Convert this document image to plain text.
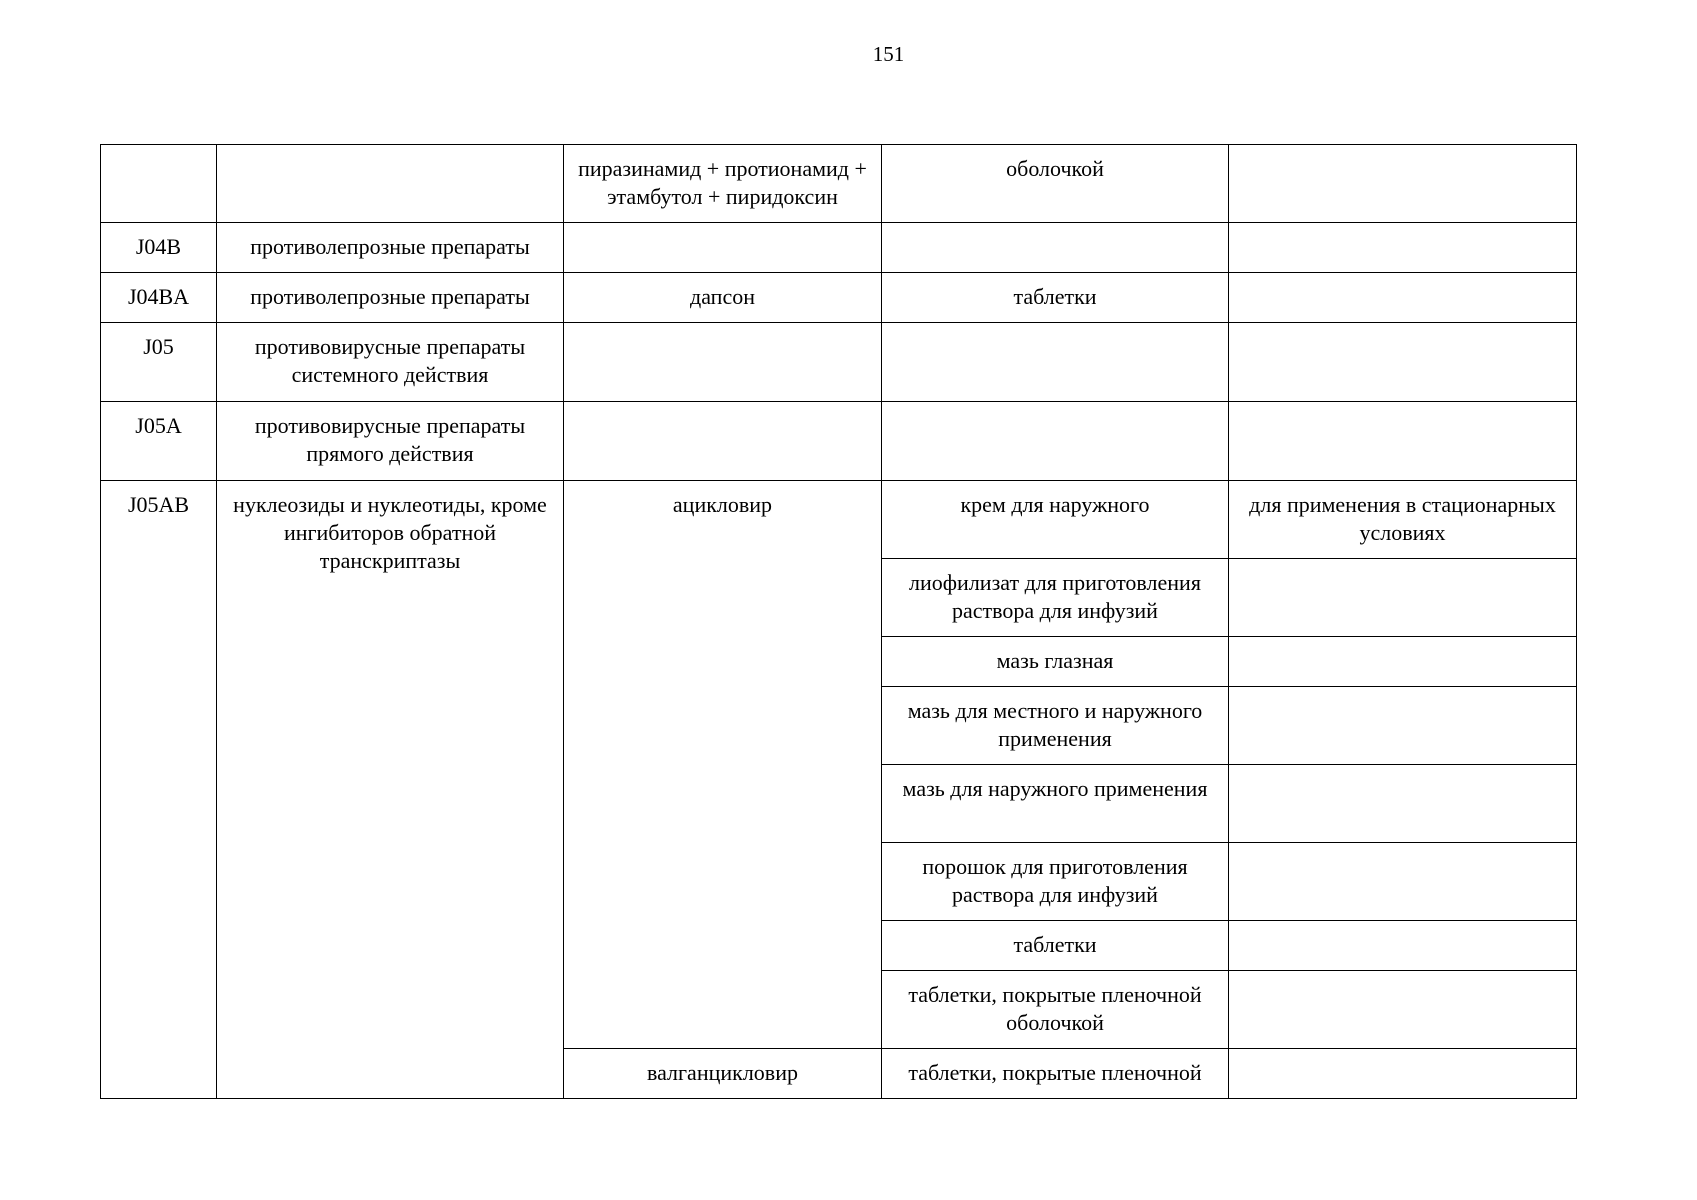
151
		пиразинамид + протионамид + этамбутол + пиридоксин	оболочкой	
J04B	противолепрозные препараты			
J04BA	противолепрозные препараты	дапсон	таблетки	
J05	противовирусные препараты системного действия			
J05A	противовирусные препараты прямого действия			
J05AB	нуклеозиды и нуклеотиды, кроме ингибиторов обратной транскриптазы	ацикловир	крем для наружного	для применения в стационарных условиях
			лиофилизат для приготовления раствора для инфузий	
			мазь глазная	
			мазь для местного и наружного применения	
			мазь для наружного применения	
			порошок для приготовления раствора для инфузий	
			таблетки	
			таблетки, покрытые пленочной оболочкой	
		валганцикловир	таблетки, покрытые пленочной	
